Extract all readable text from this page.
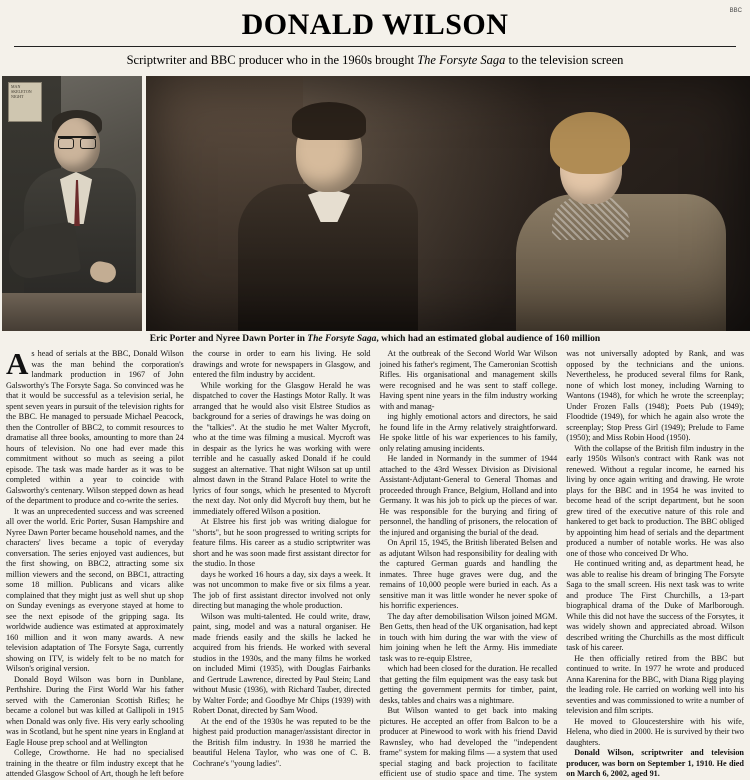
DONALD WILSON

Scriptwriter and BBC producer who in the 1960s brought The Forsyte Saga to the television screen

MAN SKELETON NIGHT
BBC

Eric Porter and Nyree Dawn Porter in The Forsyte Saga, which had an estimated global audience of 160 million

As head of serials at the BBC, Donald Wilson was the man behind the corporation's landmark production in 1967 of John Galsworthy's The Forsyte Saga. So convinced was he that it would be successful as a television serial, he spent seven years in pursuit of the television rights for the BBC. He managed to persuade Michael Peacock, then the Controller of BBC2, to commit resources to dramatise all three books, amounting to more than 24 hours of television. No one had ever made this commitment without so much as seeing a pilot episode. The task was made harder as it was to be completed within a year to coincide with Galsworthy's centenary. Wilson stepped down as head of the department to produce and co-write the series.

It was an unprecedented success and was screened all over the world. Eric Porter, Susan Hampshire and Nyree Dawn Porter became household names, and the characters' lives became a topic of everyday conversation. The series enjoyed vast audiences, but the first showing, on BBC2, attracting some six million viewers and the second, on BBC1, attracting some 18 million. Publicans and vicars alike complained that they might just as well shut up shop on Sunday evenings as everyone stayed at home to see the next episode of the gripping saga. Its worldwide audience was estimated at approximately 160 million and it won many awards. A new television adaptation of The Forsyte Saga, currently showing on ITV, is widely felt to be no match for Wilson's original version.

Donald Boyd Wilson was born in Dunblane, Perthshire. During the First World War his father served with the Cameronian Scottish Rifles; he became a colonel but was killed at Gallipoli in 1915 when Donald was only five. His very early schooling was in Scotland, but he spent nine years in England at Eagle House prep school and at Wellington

College, Crowthorne. He had no specialised training in the theatre or film industry except that he attended Glasgow School of Art, though he left before the course in order to earn his living. He sold drawings and wrote for newspapers in Glasgow, and entered the film industry by accident.

While working for the Glasgow Herald he was dispatched to cover the Hastings Motor Rally. It was arranged that he would also visit Elstree Studios as background for a series of drawings he was doing on the "talkies". At the studio he met Walter Mycroft, who at the time was filming a musical. Mycroft was in despair as the lyrics he was working with were terrible and he casually asked Donald if he could suggest an alternative. That night Wilson sat up until almost dawn in the Strand Palace Hotel to write the lyrics of four songs, which he presented to Mycroft the next day. Not only did Mycroft buy them, but he immediately offered Wilson a position.

At Elstree his first job was writing dialogue for "shorts", but he soon progressed to writing scripts for feature films. His career as a studio scriptwriter was short and he was soon made first assistant director for the studio. In those

days he worked 16 hours a day, six days a week. It was not uncommon to make five or six films a year. The job of first assistant director involved not only directing but managing the whole production.

Wilson was multi-talented. He could write, draw, paint, sing, model and was a natural organiser. He made friends easily and the skills he lacked he acquired from his friends. He worked with several studios in the 1930s, and the many films he worked on included Mimi (1935), with Douglas Fairbanks and Gertrude Lawrence, directed by Paul Stein; Land without Music (1936), with Richard Tauber, directed by Walter Forde; and Goodbye Mr Chips (1939) with Robert Donat, directed by Sam Wood.

At the end of the 1930s he was reputed to be the highest paid production manager/assistant director in the British film industry. In 1938 he married the beautiful Helena Taylor, who was one of C. B. Cochrane's "young ladies".

At the outbreak of the Second World War Wilson joined his father's regiment, The Cameronian Scottish Rifles. His organisational and management skills were recognised and he was sent to staff college. Having spent nine years in the film industry working with and manag-

ing highly emotional actors and directors, he said he found life in the Army relatively straightforward. He spoke little of his war experiences to his family, only relating amusing incidents.

He landed in Normandy in the summer of 1944 attached to the 43rd Wessex Division as Divisional Assistant-Adjutant-General to General Thomas and proceeded through France, Belgium, Holland and into Germany. It was his job to pick up the pieces of war. He was responsible for the burying and firing of personnel, the handling of prisoners, the relocation of the injured and organising the burial of the dead.

On April 15, 1945, the British liberated Belsen and as adjutant Wilson had responsibility for dealing with the captured German guards and handling the inmates. Three huge graves were dug, and the remains of 10,000 people were buried in each. As a sensitive man it was little wonder he never spoke of his horrific experiences.

The day after demobilisation Wilson joined MGM. Ben Getts, then head of the UK organisation, had kept in touch with him during the war with the view of him joining when he left the Army. His immediate task was to re-equip Elstree,

which had been closed for the duration. He recalled that getting the film equipment was the easy task but getting the government permits for timber, paint, desks, tables and chairs was a nightmare.

But Wilson wanted to get back into making pictures. He accepted an offer from Balcon to be a producer at Pinewood to work with his friend David Rawnsley, who had developed the "independent frame" system for making films — a system that used special staging and back projection to facilitate efficient use of studio space and time. The system was not universally adopted by Rank, and was opposed by the technicians and the unions. Nevertheless, he produced several films for Rank, none of which lost money, including Warning to Wantons (1948), for which he wrote the screenplay; Under Frozen Falls (1948); Poets Pub (1949); Floodtide (1949), for which he again also wrote the screenplay; Stop Press Girl (1949); Prelude to Fame (1950); and Miss Robin Hood (1950).

With the collapse of the British film industry in the early 1950s Wilson's contract with Rank was not renewed. Without a regular income, he earned his living by once again writing and drawing. He wrote plays for the BBC and in 1954 he was invited to become head of the script department, but he soon grew tired of the executive nature of this role and hankered to get back to production. The BBC obliged by appointing him head of serials and the department produced a number of notable works. He was also one of those who conceived Dr Who.

He continued writing and, as department head, he was able to realise his dream of bringing The Forsyte Saga to the small screen. His next task was to write and produce The First Churchills, a 13-part biographical drama of the Duke of Marlborough. While this did not have the success of the Forsytes, it was widely shown and appreciated abroad. Wilson described writing the Churchills as the most difficult task of his career.

He then officially retired from the BBC but continued to write. In 1977 he wrote and produced Anna Karenina for the BBC, with Diana Rigg playing the leading role. He carried on working well into his seventies and was commissioned to write a number of television and film scripts.

He moved to Gloucestershire with his wife, Helena, who died in 2000. He is survived by their two daughters.

Donald Wilson, scriptwriter and television producer, was born on September 1, 1910. He died on March 6, 2002, aged 91.
